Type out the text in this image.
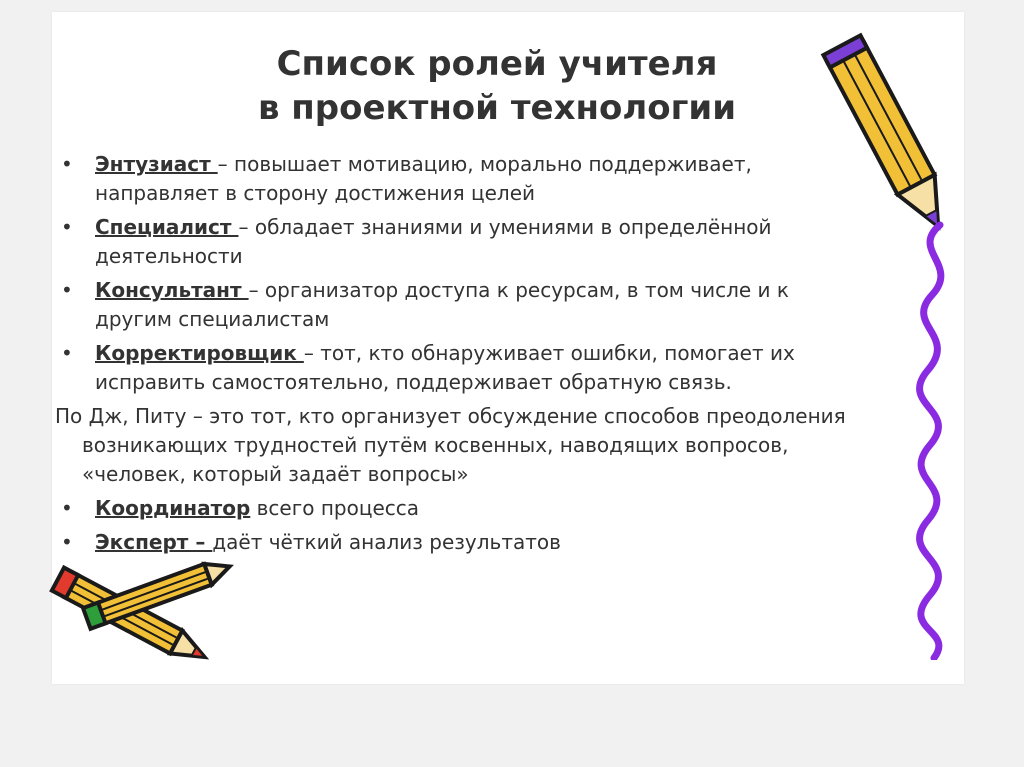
Список ролей учителя
в проектной технологии
• Энтузиаст – повышает мотивацию, морально поддерживает, направляет в сторону достижения целей
• Специалист – обладает знаниями и умениями в определённой деятельности
• Консультант – организатор доступа к ресурсам, в том числе и к другим специалистам
• Корректировщик – тот, кто обнаруживает ошибки, помогает их исправить самостоятельно, поддерживает обратную связь.
По Дж, Питу – это тот, кто организует обсуждение способов преодоления возникающих трудностей путём косвенных, наводящих вопросов, «человек, который задаёт вопросы»
• Координатор всего процесса
• Эксперт – даёт чёткий анализ результатов
